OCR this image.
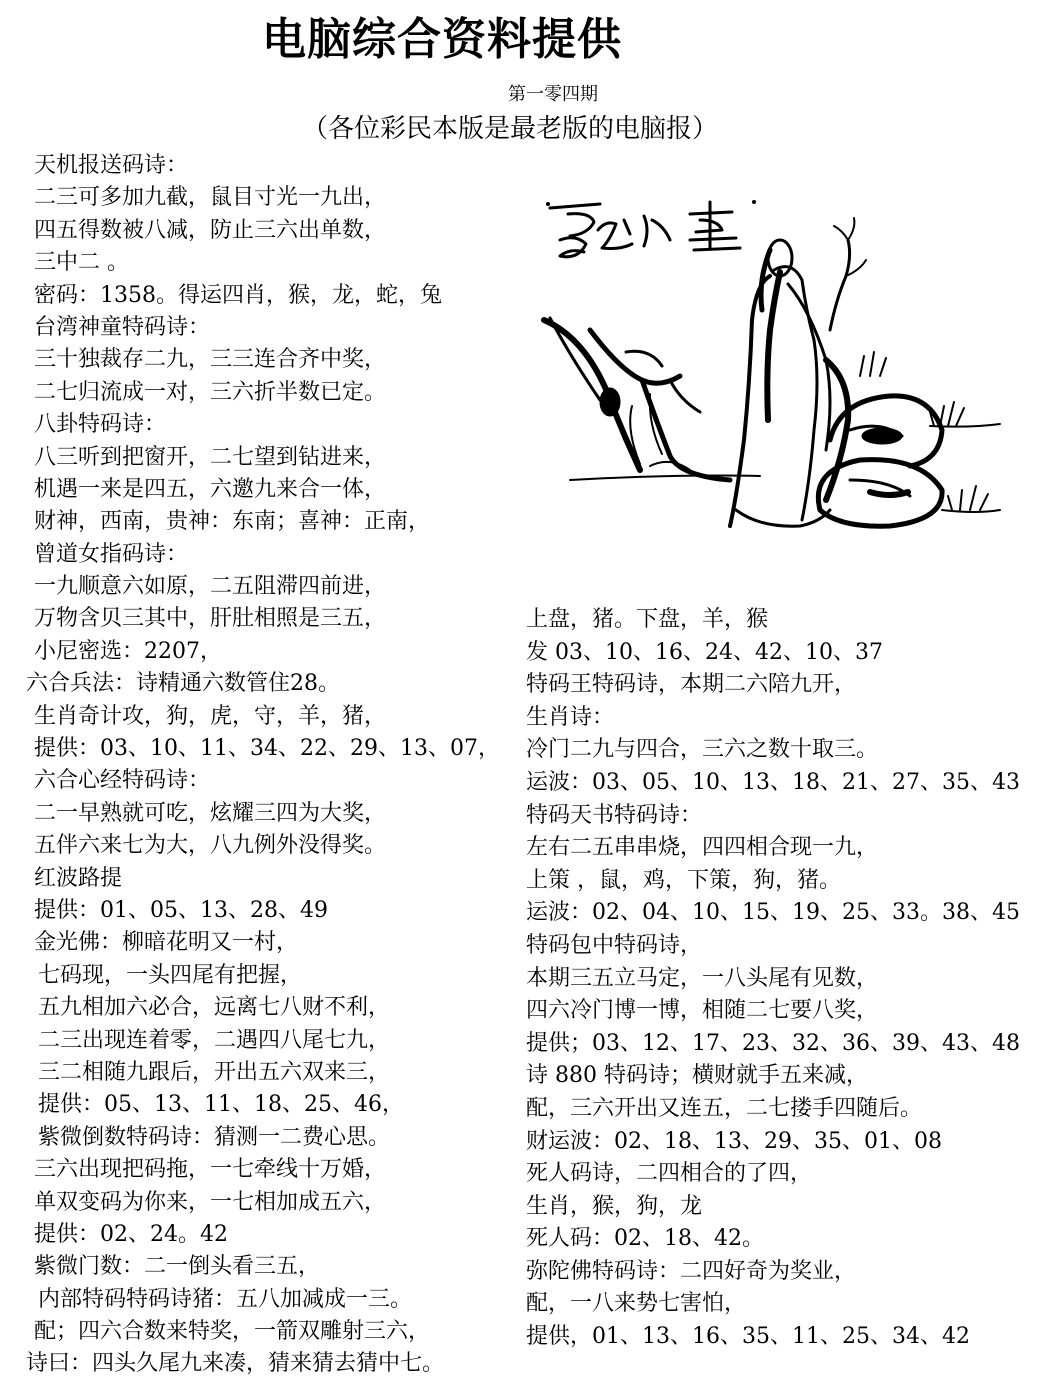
电脑综合资料提供
第一零四期
（各位彩民本版是最老版的电脑报）
天机报送码诗：
二三可多加九截，鼠目寸光一九出，
四五得数被八减，防止三六出单数，
三中二 。
密码：1358。得运四肖，猴，龙，蛇，兔
台湾神童特码诗：
三十独裁存二九，三三连合齐中奖，
二七归流成一对，三六折半数已定。
八卦特码诗：
八三听到把窗开，二七望到钻进来，
机遇一来是四五，六邀九来合一体，
财神，西南，贵神：东南；喜神：正南，
曾道女指码诗：
一九顺意六如原，二五阻滞四前进，
万物含贝三其中，肝肚相照是三五，
小尼密选：2207，
六合兵法：诗精通六数管住28。
生肖奇计攻，狗，虎，守，羊，猪，
提供：03、10、11、34、22、29、13、07，
六合心经特码诗：
二一早熟就可吃，炫耀三四为大奖，
五伴六来七为大，八九例外没得奖。
红波路提
提供：01、05、13、28、49
金光佛：柳暗花明又一村，
七码现，一头四尾有把握，
五九相加六必合，远离七八财不利，
二三出现连着零，二遇四八尾七九，
三二相随九跟后，开出五六双来三，
提供：05、13、11、18、25、46，
紫微倒数特码诗：猜测一二费心思。
三六出现把码拖，一七牵线十万婚，
单双变码为你来，一七相加成五六，
提供：02、24。42
紫微门数：二一倒头看三五，
内部特码特码诗猪：五八加减成一三。
配；四六合数来特奖，一箭双雕射三六，
诗曰：四头久尾九来凑，猜来猜去猜中七。
上盘，猪。下盘，羊，猴
发 03、10、16、24、42、10、37
特码王特码诗，本期二六陪九开，
生肖诗：
冷门二九与四合，三六之数十取三。
运波：03、05、10、13、18、21、27、35、43
特码天书特码诗：
左右二五串串烧，四四相合现一九，
上策 ，鼠，鸡，下策，狗，猪。
运波：02、04、10、15、19、25、33。38、45
特码包中特码诗，
本期三五立马定，一八头尾有见数，
四六冷门博一博，相随二七要八奖，
提供；03、12、17、23、32、36、39、43、48
诗 880 特码诗；横财就手五来减，
配，三六开出又连五，二七搂手四随后。
财运波：02、18、13、29、35、01、08
死人码诗，二四相合的了四，
生肖，猴，狗，龙
死人码：02、18、42。
弥陀佛特码诗：二四好奇为奖业，
配，一八来势七害怕，
提供，01、13、16、35、11、25、34、42
